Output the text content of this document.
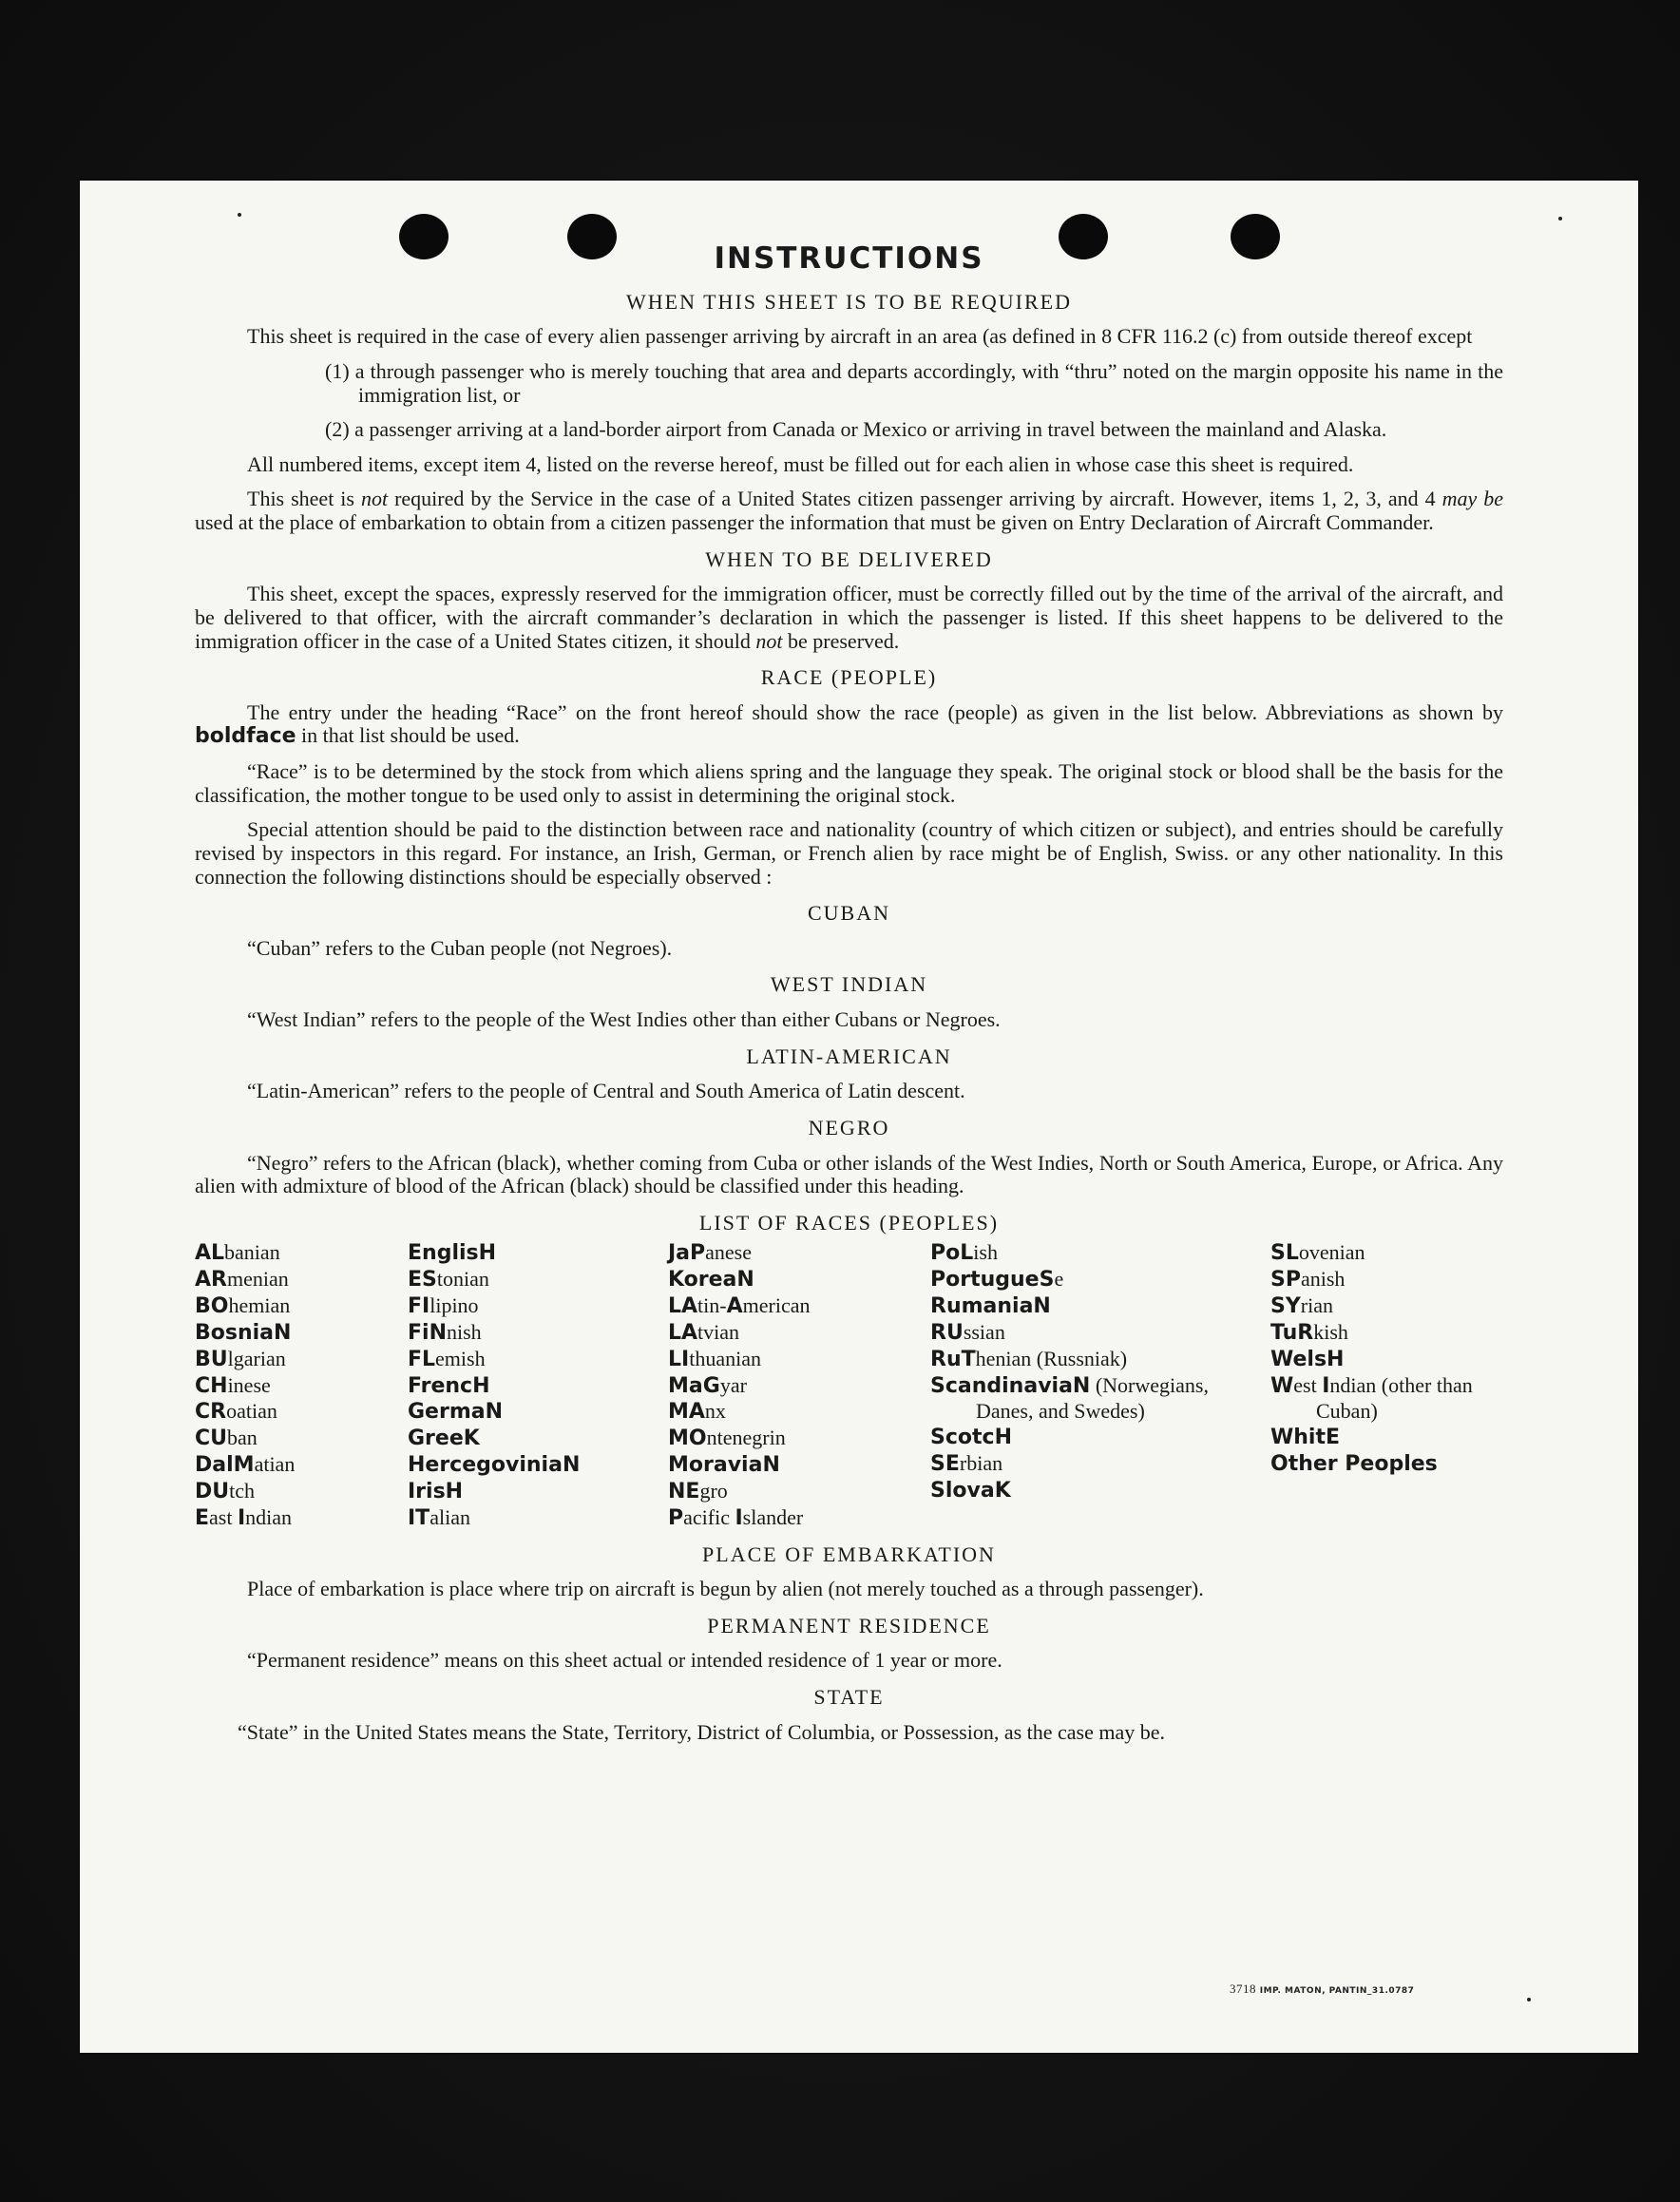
INSTRUCTIONS
WHEN THIS SHEET IS TO BE REQUIRED

This sheet is required in the case of every alien passenger arriving by aircraft in an area (as defined in 8 CFR 116.2 (c) from outside thereof except

(1) a through passenger who is merely touching that area and departs accordingly, with “thru” noted on the margin opposite his name in the immigration list, or

(2) a passenger arriving at a land-border airport from Canada or Mexico or arriving in travel between the mainland and Alaska.

All numbered items, except item 4, listed on the reverse hereof, must be filled out for each alien in whose case this sheet is required.

This sheet is not required by the Service in the case of a United States citizen passenger arriving by aircraft. However, items 1, 2, 3, and 4 may be used at the place of embarkation to obtain from a citizen passenger the information that must be given on Entry Declaration of Aircraft Commander.

WHEN TO BE DELIVERED

This sheet, except the spaces, expressly reserved for the immigration officer, must be correctly filled out by the time of the arrival of the aircraft, and be delivered to that officer, with the aircraft commander’s declaration in which the passenger is listed. If this sheet happens to be delivered to the immigration officer in the case of a United States citizen, it should not be preserved.

RACE (PEOPLE)

The entry under the heading “Race” on the front hereof should show the race (people) as given in the list below. Abbreviations as shown by boldface in that list should be used.

“Race” is to be determined by the stock from which aliens spring and the language they speak. The original stock or blood shall be the basis for the classification, the mother tongue to be used only to assist in determining the original stock.

Special attention should be paid to the distinction between race and nationality (country of which citizen or subject), and entries should be carefully revised by inspectors in this regard. For instance, an Irish, German, or French alien by race might be of English, Swiss. or any other nationality. In this connection the following distinctions should be especially observed :

CUBAN

“Cuban” refers to the Cuban people (not Negroes).

WEST INDIAN

“West Indian” refers to the people of the West Indies other than either Cubans or Negroes.

LATIN-AMERICAN

“Latin-American” refers to the people of Central and South America of Latin descent.

NEGRO

“Negro” refers to the African (black), whether coming from Cuba or other islands of the West Indies, North or South America, Europe, or Africa. Any alien with admixture of blood of the African (black) should be classified under this heading.

LIST OF RACES (PEOPLES)
ALbanian
ARmenian
BOhemian
BosniaN
BUlgarian
CHinese
CRoatian
CUban
DalMatian
DUtch
East Indian
EnglisH
EStonian
FIlipino
FiNnish
FLemish
FrencH
GermaN
GreeK
HercegoviniaN
IrisH
ITalian
JaPanese
KoreaN
LAtin-American
LAtvian
LIthuanian
MaGyar
MAnx
MOntenegrin
MoraviaN
NEgro
Pacific Islander
PoLish
PortugueSe
RumaniaN
RUssian
RuThenian (Russniak)
ScandinaviaN (Norwegians, Danes, and Swedes)
ScotcH
SErbian
SlovaK
SLovenian
SPanish
SYrian
TuRkish
WelsH
West Indian (other than Cuban)
WhitE
Other Peoples
PLACE OF EMBARKATION

Place of embarkation is place where trip on aircraft is begun by alien (not merely touched as a through passenger).

PERMANENT RESIDENCE

“Permanent residence” means on this sheet actual or intended residence of 1 year or more.

STATE

“State” in the United States means the State, Territory, District of Columbia, or Possession, as the case may be.

3718 IMP. MATON, PANTIN_31.0787
